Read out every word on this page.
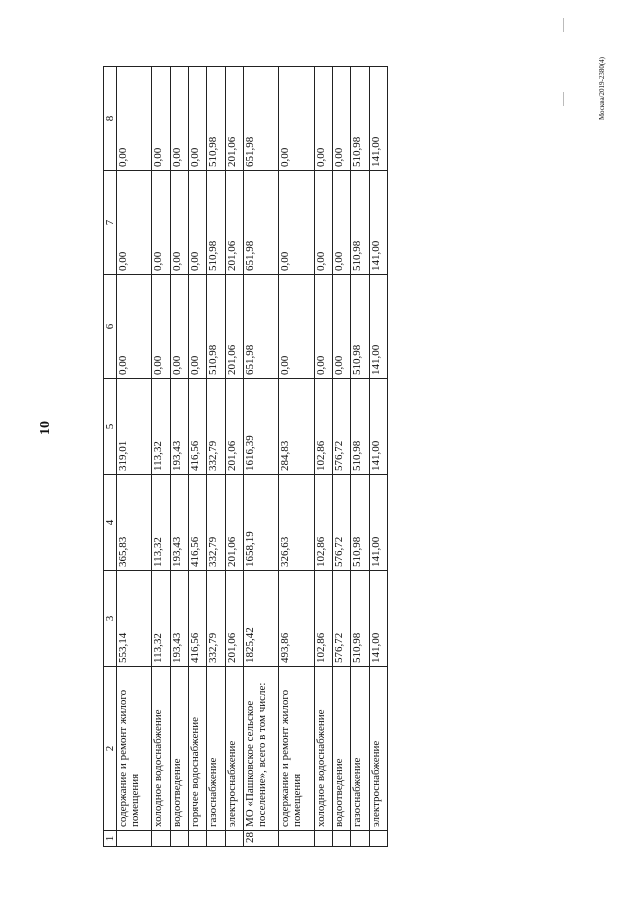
10
Москва/2019-2380(4)
1	2	3	4	5	6	7	8
	содержание и ремонт жилого помещения	553,14	365,83	319,01	0,00	0,00	0,00
	холодное водоснабжение	113,32	113,32	113,32	0,00	0,00	0,00
	водоотведение	193,43	193,43	193,43	0,00	0,00	0,00
	горячее водоснабжение	416,56	416,56	416,56	0,00	0,00	0,00
	газоснабжение	332,79	332,79	332,79	510,98	510,98	510,98
	электроснабжение	201,06	201,06	201,06	201,06	201,06	201,06
28	МО «Пашковское сельское поселение», всего в том числе:	1825,42	1658,19	1616,39	651,98	651,98	651,98
	содержание и ремонт жилого помещения	493,86	326,63	284,83	0,00	0,00	0,00
	холодное водоснабжение	102,86	102,86	102,86	0,00	0,00	0,00
	водоотведение	576,72	576,72	576,72	0,00	0,00	0,00
	газоснабжение	510,98	510,98	510,98	510,98	510,98	510,98
	электроснабжение	141,00	141,00	141,00	141,00	141,00	141,00
